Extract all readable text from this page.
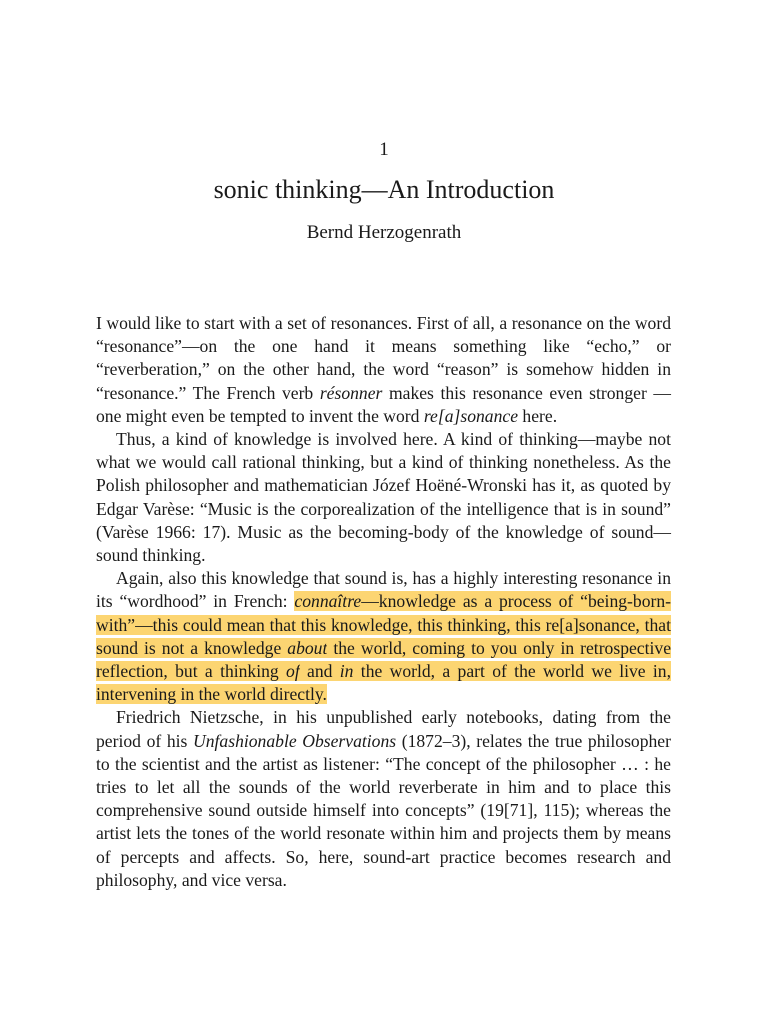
1
sonic thinking—An Introduction
Bernd Herzogenrath

I would like to start with a set of resonances. First of all, a resonance on the word “resonance”—on the one hand it means something like “echo,” or “reverberation,” on the other hand, the word “reason” is somehow hidden in “resonance.” The French verb résonner makes this resonance even stronger —one might even be tempted to invent the word re[a]sonance here.

Thus, a kind of knowledge is involved here. A kind of thinking—maybe not what we would call rational thinking, but a kind of thinking nonetheless. As the Polish philosopher and mathematician Józef Hoëné-Wronski has it, as quoted by Edgar Varèse: “Music is the corporealization of the intelligence that is in sound” (Varèse 1966: 17). Music as the becoming-body of the knowledge of sound—sound thinking.

Again, also this knowledge that sound is, has a highly interesting resonance in its “wordhood” in French: connaître—knowledge as a process of “being-born-with”—this could mean that this knowledge, this thinking, this re[a]sonance, that sound is not a knowledge about the world, coming to you only in retrospective reflection, but a thinking of and in the world, a part of the world we live in, intervening in the world directly.

Friedrich Nietzsche, in his unpublished early notebooks, dating from the period of his Unfashionable Observations (1872–3), relates the true philosopher to the scientist and the artist as listener: “The concept of the philosopher … : he tries to let all the sounds of the world reverberate in him and to place this comprehensive sound outside himself into concepts” (19[71], 115); whereas the artist lets the tones of the world resonate within him and projects them by means of percepts and affects. So, here, sound-art practice becomes research and philosophy, and vice versa.
